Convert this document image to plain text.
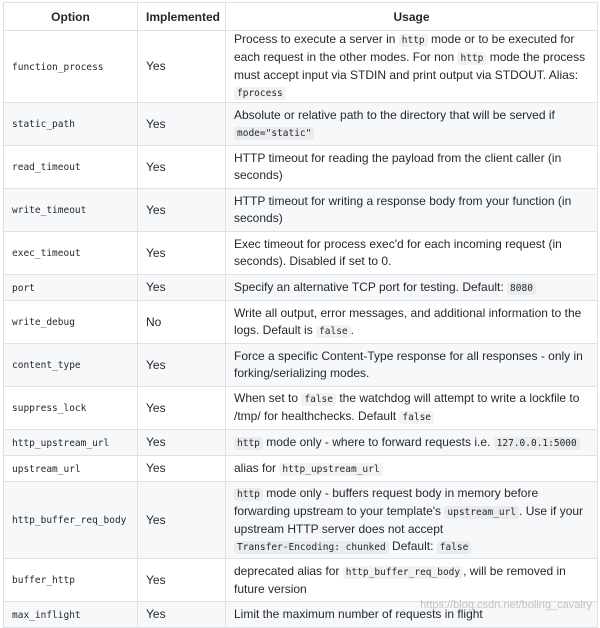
Option	Implemented	Usage
function_process	Yes	Process to execute a server in http mode or to be executed for each request in the other modes. For non http mode the process must accept input via STDIN and print output via STDOUT. Alias: fprocess
static_path	Yes	Absolute or relative path to the directory that will be served if mode="static"
read_timeout	Yes	HTTP timeout for reading the payload from the client caller (in seconds)
write_timeout	Yes	HTTP timeout for writing a response body from your function (in seconds)
exec_timeout	Yes	Exec timeout for process exec'd for each incoming request (in seconds). Disabled if set to 0.
port	Yes	Specify an alternative TCP port for testing. Default: 8080
write_debug	No	Write all output, error messages, and additional information to the logs. Default is false .
content_type	Yes	Force a specific Content-Type response for all responses - only in forking/serializing modes.
suppress_lock	Yes	When set to false the watchdog will attempt to write a lockfile to /tmp/ for healthchecks. Default false
http_upstream_url	Yes	http mode only - where to forward requests i.e. 127.0.0.1:5000
upstream_url	Yes	alias for http_upstream_url
http_buffer_req_body	Yes	http mode only - buffers request body in memory before forwarding upstream to your template's upstream_url . Use if your upstream HTTP server does not accept Transfer-Encoding: chunked Default: false
buffer_http	Yes	deprecated alias for http_buffer_req_body , will be removed in future version
max_inflight	Yes	Limit the maximum number of requests in flight
https://blog.csdn.net/boling_cavalry
